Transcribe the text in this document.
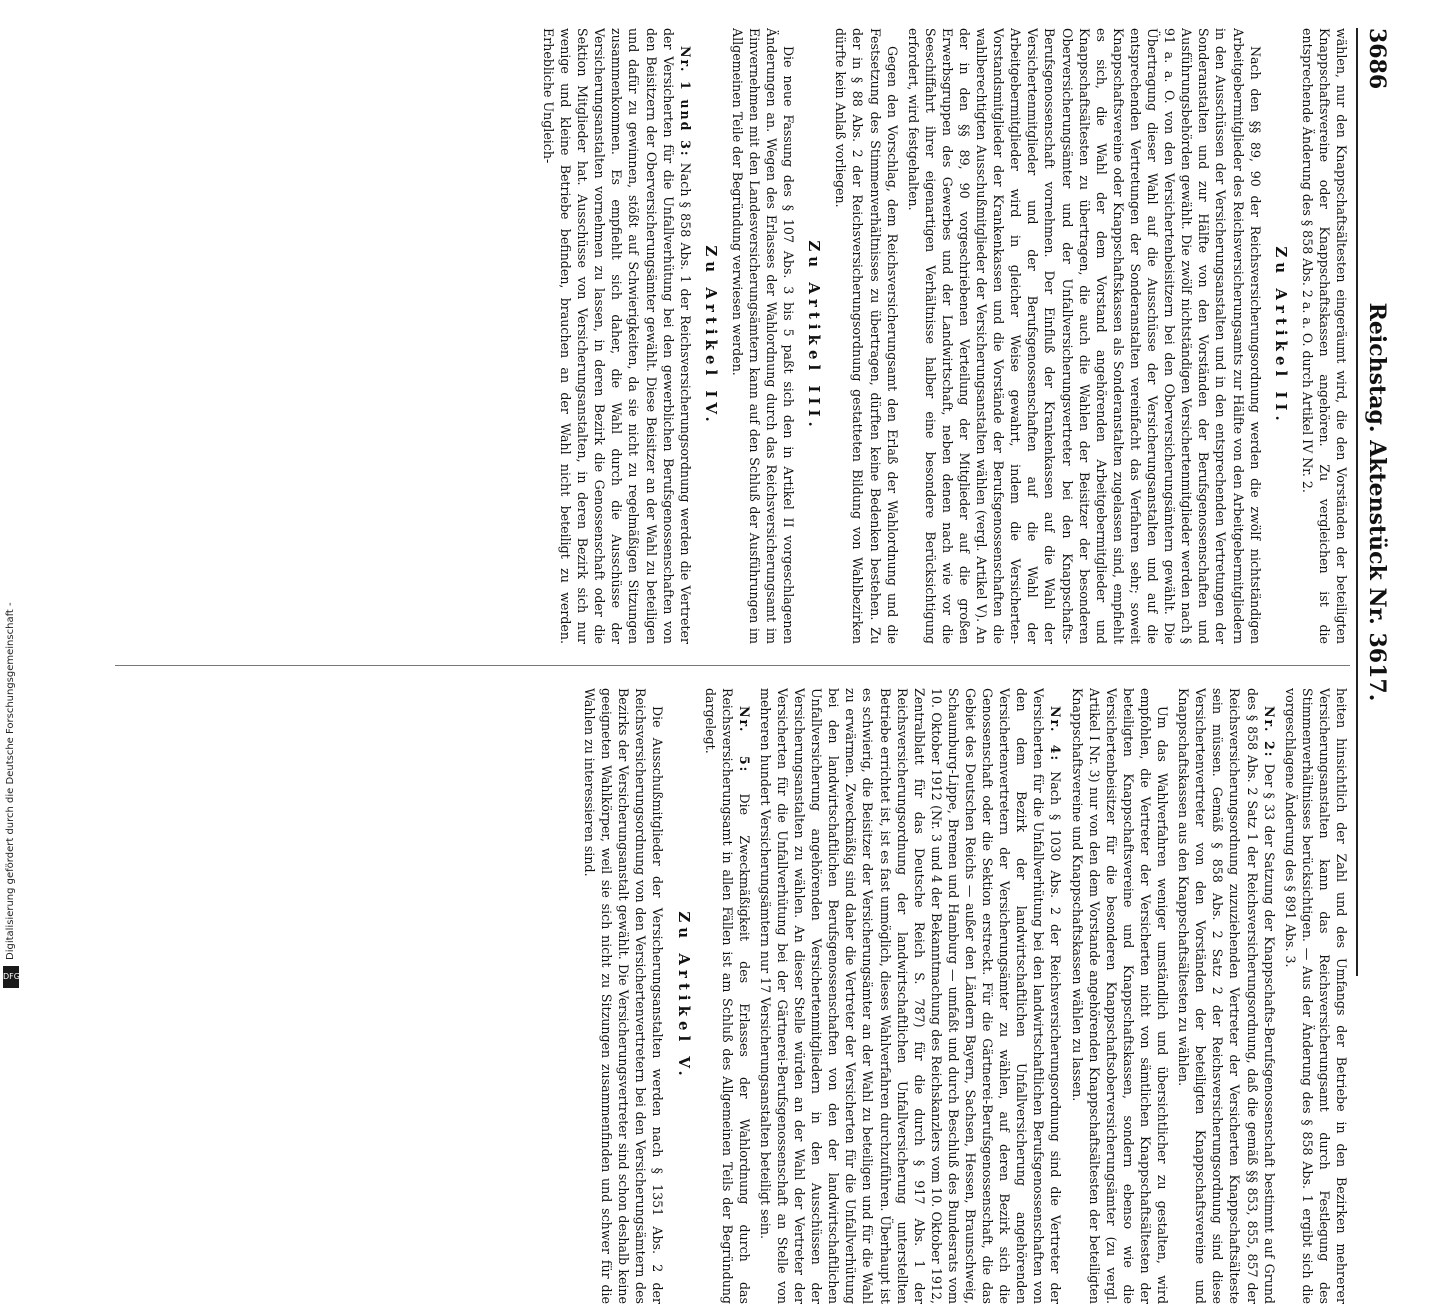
Digitalisierung gefördert durch die Deutsche Forschungsgemeinschaft -
DFG
3686
Reichstag. Aktenstück Nr. 3617.

wählen, nur den Knappschaftsältesten eingeräumt wird, die den Vorständen der beteiligten Knappschaftsvereine oder Knappschaftskassen angehören. Zu vergleichen ist die entsprechende Änderung des § 858 Abs. 2 a. a. O. durch Artikel IV Nr. 2.

Zu Artikel II.

Nach den §§ 89, 90 der Reichsversicherungsordnung werden die zwölf nichtständigen Arbeitgebermitglieder des Reichsversicherungsamts zur Hälfte von den Arbeitgebermitgliedern in den Ausschüssen der Versicherungsanstalten und in den entsprechenden Vertretungen der Sonderanstalten und zur Hälfte von den Vorständen der Berufsgenossenschaften und Ausführungsbehörden gewählt. Die zwölf nichtständigen Versichertenmitglieder werden nach § 91 a. a. O. von den Versichertenbeisitzern bei den Oberversicherungsämtern gewählt. Die Übertragung dieser Wahl auf die Ausschüsse der Versicherungsanstalten und auf die entsprechenden Vertretungen der Sonderanstalten vereinfacht das Verfahren sehr; soweit Knappschaftsvereine oder Knappschaftskassen als Sonderanstalten zugelassen sind, empfiehlt es sich, die Wahl der dem Vorstand angehörenden Arbeitgebermitglieder und Knappschaftsältesten zu übertragen, die auch die Wahlen der Beisitzer der besonderen Oberversicherungsämter und der Unfallversicherungsvertreter bei den Knappschafts-Berufsgenossenschaft vornehmen. Der Einfluß der Krankenkassen auf die Wahl der Versichertenmitglieder und der Berufsgenossenschaften auf die Wahl der Arbeitgebermitglieder wird in gleicher Weise gewahrt, indem die Versicherten-Vorstandsmitglieder der Krankenkassen und die Vorstände der Berufsgenossenschaften die wahlberechtigten Ausschußmitglieder der Versicherungsanstalten wählen (vergl. Artikel V). An der in den §§ 89, 90 vorgeschriebenen Verteilung der Mitglieder auf die großen Erwerbsgruppen des Gewerbes und der Landwirtschaft, neben denen nach wie vor die Seeschiffahrt ihrer eigenartigen Verhältnisse halber eine besondere Berücksichtigung erfordert, wird festgehalten.

Gegen den Vorschlag, dem Reichsversicherungsamt den Erlaß der Wahlordnung und die Festsetzung des Stimmenverhältnisses zu übertragen, dürften keine Bedenken bestehen. Zu der in § 88 Abs. 2 der Reichsversicherungsordnung gestatteten Bildung von Wahlbezirken dürfte kein Anlaß vorliegen.

Zu Artikel III.

Die neue Fassung des § 107 Abs. 3 bis 5 paßt sich den in Artikel II vorgeschlagenen Änderungen an. Wegen des Erlasses der Wahlordnung durch das Reichsversicherungsamt im Einvernehmen mit den Landesversicherungsämtern kann auf den Schluß der Ausführungen im Allgemeinen Teile der Begründung verwiesen werden.

Zu Artikel IV.

Nr. 1 und 3: Nach § 858 Abs. 1 der Reichsversicherungsordnung werden die Vertreter der Versicherten für die Unfallverhütung bei den gewerblichen Berufsgenossenschaften von den Beisitzern der Oberversicherungsämter gewählt. Diese Beisitzer an der Wahl zu beteiligen und dafür zu gewinnen, stößt auf Schwierigkeiten, da sie nicht zu regelmäßigen Sitzungen zusammenkommen. Es empfiehlt sich daher, die Wahl durch die Ausschüsse der Versicherungsanstalten vornehmen zu lassen, in deren Bezirk die Genossenschaft oder die Sektion Mitglieder hat. Ausschüsse von Versicherungsanstalten, in deren Bezirk sich nur wenige und kleine Betriebe befinden, brauchen an der Wahl nicht beteiligt zu werden. Erhebliche Ungleich-

heiten hinsichtlich der Zahl und des Umfangs der Betriebe in den Bezirken mehrerer Versicherungsanstalten kann das Reichsversicherungsamt durch Festlegung des Stimmenverhältnisses berücksichtigen. — Aus der Änderung des § 858 Abs. 1 ergibt sich die vorgeschlagene Änderung des § 891 Abs. 3.

Nr. 2: Der § 33 der Satzung der Knappschafts-Berufsgenossenschaft bestimmt auf Grund des § 858 Abs. 2 Satz 1 der Reichsversicherungsordnung, daß die gemäß §§ 853, 855, 857 der Reichsversicherungsordnung zuzuziehenden Vertreter der Versicherten Knappschaftsälteste sein müssen. Gemäß § 858 Abs. 2 Satz 2 der Reichsversicherungsordnung sind diese Versichertenvertreter von den Vorständen der beteiligten Knappschaftsvereine und Knappschaftskassen aus den Knappschaftsältesten zu wählen.

Um das Wahlverfahren weniger umständlich und übersichtlicher zu gestalten, wird empfohlen, die Vertreter der Versicherten nicht von sämtlichen Knappschaftsältesten der beteiligten Knappschaftsvereine und Knappschaftskassen, sondern ebenso wie die Versichertenbeisitzer für die besonderen Knappschaftsoberversicherungsämter (zu vergl. Artikel I Nr. 3) nur von den dem Vorstande angehörenden Knappschaftsältesten der beteiligten Knappschaftsvereine und Knappschaftskassen wählen zu lassen.

Nr. 4: Nach § 1030 Abs. 2 der Reichsversicherungsordnung sind die Vertreter der Versicherten für die Unfallverhütung bei den landwirtschaftlichen Berufsgenossenschaften von den dem Bezirk der landwirtschaftlichen Unfallversicherung angehörenden Versichertenvertretern der Versicherungsämter zu wählen, auf deren Bezirk sich die Genossenschaft oder die Sektion erstreckt. Für die Gärtnerei-Berufsgenossenschaft, die das Gebiet des Deutschen Reichs — außer den Ländern Bayern, Sachsen, Hessen, Braunschweig, Schaumburg-Lippe, Bremen und Hamburg — umfaßt und durch Beschluß des Bundesrats vom 10. Oktober 1912 (Nr. 3 und 4 der Bekanntmachung des Reichskanzlers vom 10. Oktober 1912, Zentralblatt für das Deutsche Reich S. 787) für die durch § 917 Abs. 1 der Reichsversicherungsordnung der landwirtschaftlichen Unfallversicherung unterstellten Betriebe errichtet ist, ist es fast unmöglich, dieses Wahlverfahren durchzuführen. Überhaupt ist es schwierig, die Beisitzer der Versicherungsämter an der Wahl zu beteiligen und für die Wahl zu erwärmen. Zweckmäßig sind daher die Vertreter der Versicherten für die Unfallverhütung bei den landwirtschaftlichen Berufsgenossenschaften von den der landwirtschaftlichen Unfallversicherung angehörenden Versichertenmitgliedern in den Ausschüssen der Versicherungsanstalten zu wählen. An dieser Stelle würden an der Wahl der Vertreter der Versicherten für die Unfallverhütung bei der Gärtnerei-Berufsgenossenschaft an Stelle von mehreren hundert Versicherungsämtern nur 17 Versicherungsanstalten beteiligt sein.

Nr. 5: Die Zweckmäßigkeit des Erlasses der Wahlordnung durch das Reichsversicherungsamt in allen Fällen ist am Schluß des Allgemeinen Teils der Begründung dargelegt.

Zu Artikel V.

Die Ausschußmitglieder der Versicherungsanstalten werden nach § 1351 Abs. 2 der Reichsversicherungsordnung von den Versichertenvertretern bei den Versicherungsämtern des Bezirks der Versicherungsanstalt gewählt. Die Versicherungsvertreter sind schon deshalb keine geeigneten Wahlkörper, weil sie sich nicht zu Sitzungen zusammenfinden und schwer für die Wahlen zu interessieren sind.
